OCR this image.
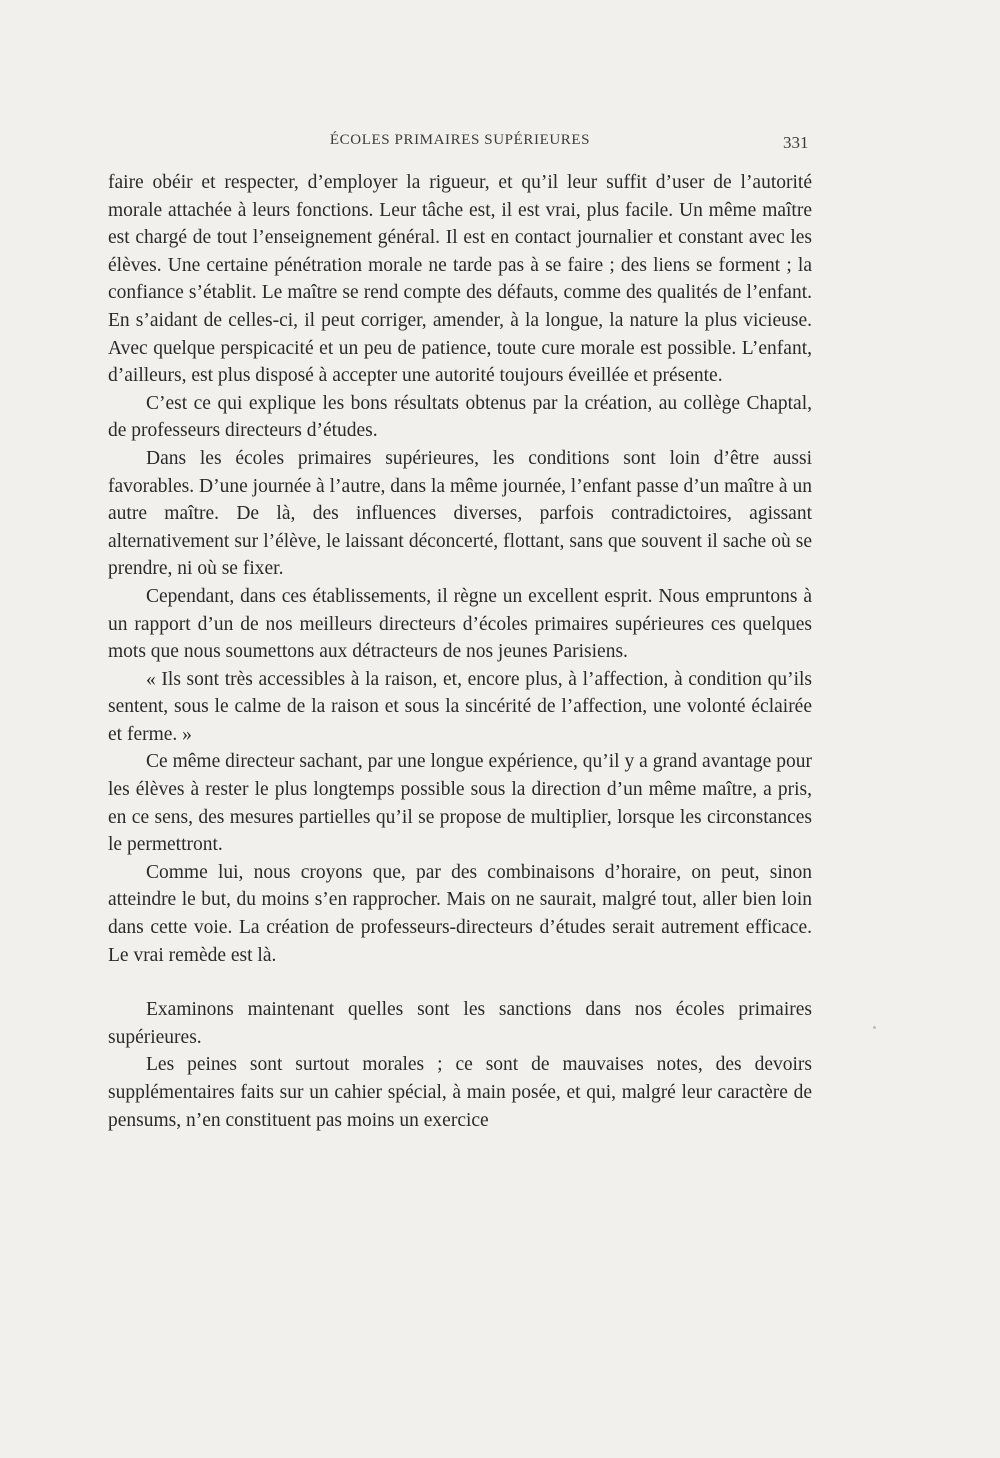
ÉCOLES PRIMAIRES SUPÉRIEURES	331

faire obéir et respecter, d’employer la rigueur, et qu’il leur suffit d’user de l’autorité morale attachée à leurs fonctions. Leur tâche est, il est vrai, plus facile. Un même maître est chargé de tout l’enseignement général. Il est en contact journalier et constant avec les élèves. Une certaine pénétration morale ne tarde pas à se faire ; des liens se forment ; la confiance s’établit. Le maître se rend compte des défauts, comme des qualités de l’enfant. En s’aidant de celles-ci, il peut corriger, amender, à la longue, la nature la plus vicieuse. Avec quelque perspicacité et un peu de patience, toute cure morale est possible. L’enfant, d’ailleurs, est plus disposé à accepter une autorité toujours éveillée et présente.

C’est ce qui explique les bons résultats obtenus par la création, au collège Chaptal, de professeurs directeurs d’études.

Dans les écoles primaires supérieures, les conditions sont loin d’être aussi favorables. D’une journée à l’autre, dans la même journée, l’enfant passe d’un maître à un autre maître. De là, des influences diverses, parfois contradictoires, agissant alternativement sur l’élève, le laissant déconcerté, flottant, sans que souvent il sache où se prendre, ni où se fixer.

Cependant, dans ces établissements, il règne un excellent esprit. Nous empruntons à un rapport d’un de nos meilleurs directeurs d’écoles primaires supérieures ces quelques mots que nous soumettons aux détracteurs de nos jeunes Parisiens.

« Ils sont très accessibles à la raison, et, encore plus, à l’affection, à condition qu’ils sentent, sous le calme de la raison et sous la sincérité de l’affection, une volonté éclairée et ferme. »

Ce même directeur sachant, par une longue expérience, qu’il y a grand avantage pour les élèves à rester le plus longtemps possible sous la direction d’un même maître, a pris, en ce sens, des mesures partielles qu’il se propose de multiplier, lorsque les circonstances le permettront.

Comme lui, nous croyons que, par des combinaisons d’horaire, on peut, sinon atteindre le but, du moins s’en rapprocher. Mais on ne saurait, malgré tout, aller bien loin dans cette voie. La création de professeurs-directeurs d’études serait autrement efficace. Le vrai remède est là.

Examinons maintenant quelles sont les sanctions dans nos écoles primaires supérieures.

Les peines sont surtout morales ; ce sont de mauvaises notes, des devoirs supplémentaires faits sur un cahier spécial, à main posée, et qui, malgré leur caractère de pensums, n’en constituent pas moins un exercice
